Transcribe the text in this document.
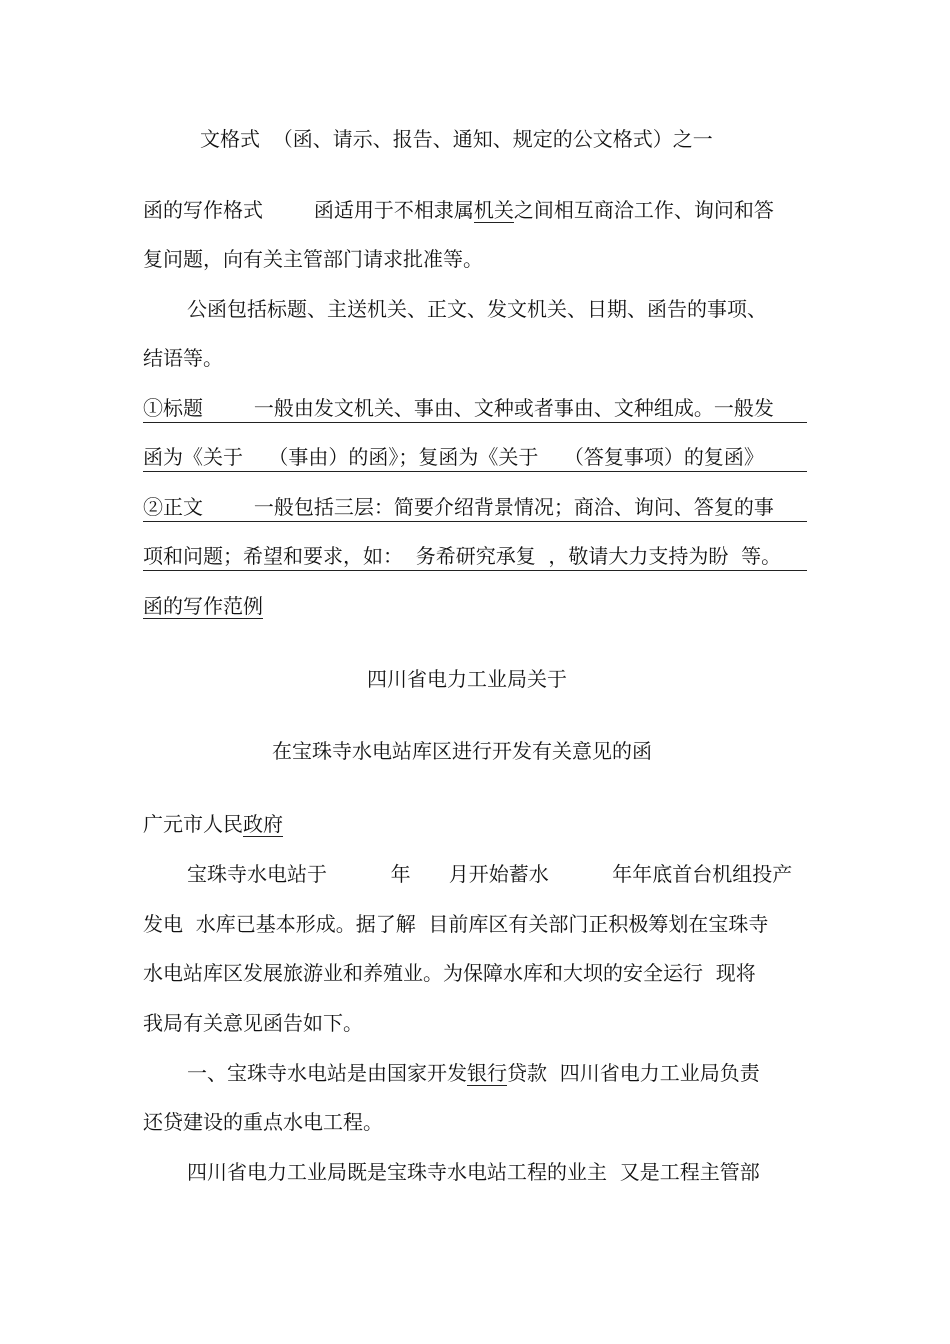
文格式  （函、请示、报告、通知、规定的公文格式）之一
函的写作格式        函适用于不相隶属机关之间相互商洽工作、询问和答
复问题，向有关主管部门请求批准等。
公函包括标题、主送机关、正文、发文机关、日期、函告的事项、
结语等。
①标题        一般由发文机关、事由、文种或者事由、文种组成。一般发
函为《关于    （事由）的函》；复函为《关于    （答复事项）的复函》
②正文        一般包括三层：简要介绍背景情况；商洽、询问、答复的事
项和问题；希望和要求，如：  务希研究承复  ，敬请大力支持为盼  等。
函的写作范例
四川省电力工业局关于
在宝珠寺水电站库区进行开发有关意见的函
广元市人民政府
宝珠寺水电站于          年      月开始蓄水          年年底首台机组投产
发电  水库已基本形成。据了解  目前库区有关部门正积极筹划在宝珠寺
水电站库区发展旅游业和养殖业。为保障水库和大坝的安全运行  现将
我局有关意见函告如下。
一、宝珠寺水电站是由国家开发银行贷款  四川省电力工业局负责
还贷建设的重点水电工程。
四川省电力工业局既是宝珠寺水电站工程的业主  又是工程主管部
